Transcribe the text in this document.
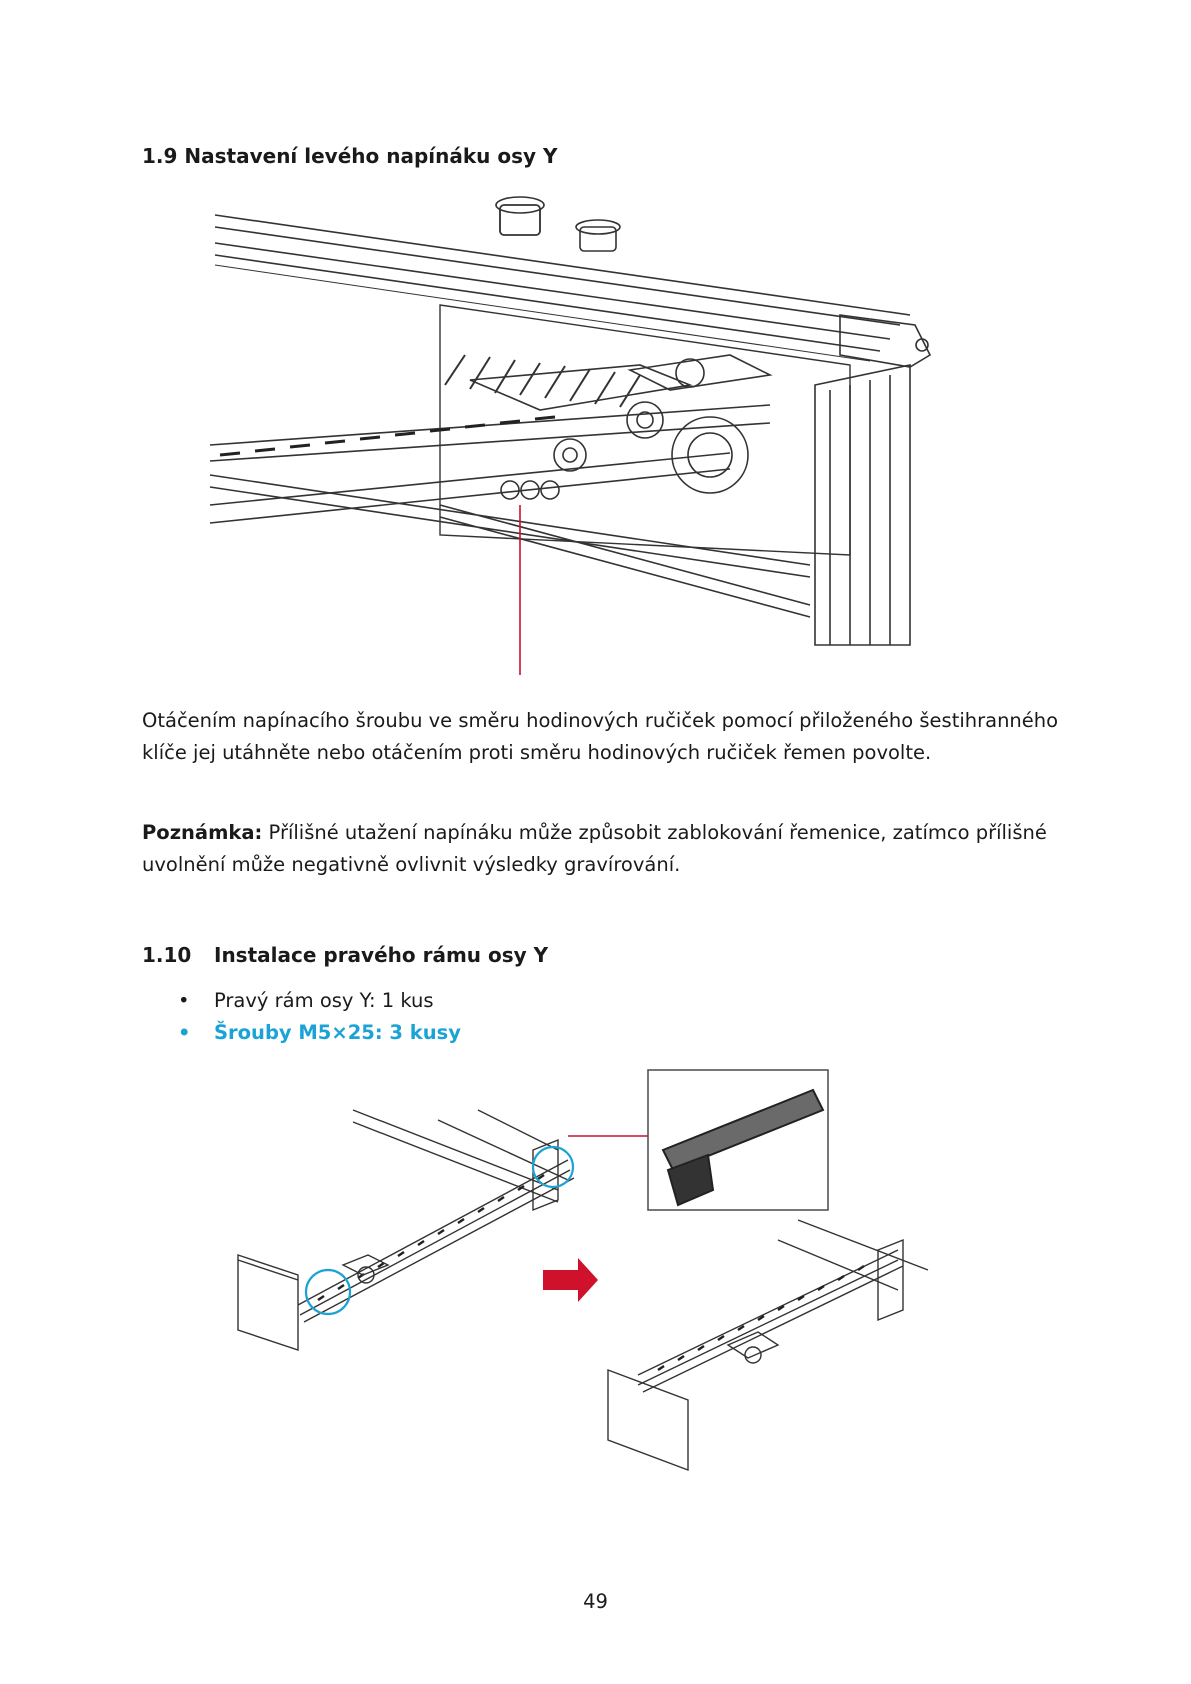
1.9 Nastavení levého napínáku osy Y
Otáčením napínacího šroubu ve směru hodinových ručiček pomocí přiloženého šestihranného klíče jej utáhněte nebo otáčením proti směru hodinových ručiček řemen povolte.
Poznámka: Přílišné utažení napínáku může způsobit zablokování řemenice, zatímco přílišné uvolnění může negativně ovlivnit výsledky gravírování.
1.10 Instalace pravého rámu osy Y
• Pravý rám osy Y: 1 kus
• Šrouby M5×25: 3 kusy
49
